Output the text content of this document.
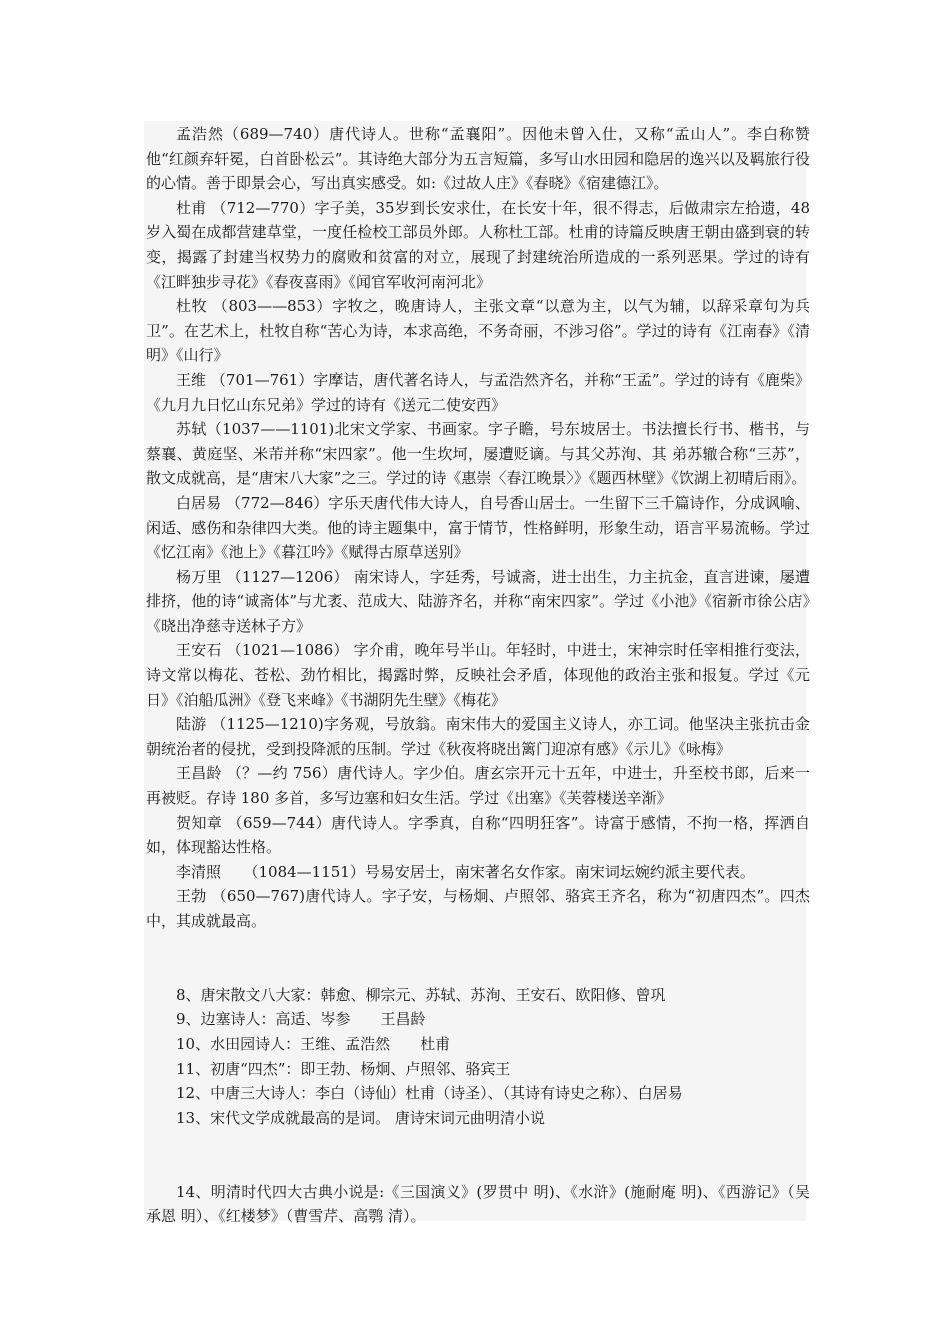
孟浩然（689—740）唐代诗人。世称“孟襄阳”。因他未曾入仕，又称“孟山人”。李白称赞他“红颜弃轩冕，白首卧松云”。其诗绝大部分为五言短篇，多写山水田园和隐居的逸兴以及羁旅行役的心情。善于即景会心，写出真实感受。如:《过故人庄》《春晓》《宿建德江》。

杜甫 （712—770）字子美，35岁到长安求仕，在长安十年，很不得志，后做肃宗左拾遗，48岁入蜀在成都营建草堂，一度任检校工部员外郎。人称杜工部。杜甫的诗篇反映唐王朝由盛到衰的转变，揭露了封建当权势力的腐败和贫富的对立，展现了封建统治所造成的一系列恶果。学过的诗有《江畔独步寻花》《春夜喜雨》《闻官军收河南河北》

杜牧 （803——853）字牧之，晚唐诗人，主张文章“以意为主，以气为辅，以辞采章句为兵卫”。在艺术上，杜牧自称“苦心为诗，本求高绝，不务奇丽，不涉习俗”。学过的诗有《江南春》《清明》《山行》

王维 （701—761）字摩诘，唐代著名诗人，与孟浩然齐名，并称“王孟”。学过的诗有《鹿柴》《九月九日忆山东兄弟》学过的诗有《送元二使安西》

苏轼（1037——1101)北宋文学家、书画家。字子瞻，号东坡居士。书法擅长行书、楷书，与蔡襄、黄庭坚、米芾并称“宋四家”。他一生坎坷，屡遭贬谪。与其父苏洵、其 弟苏辙合称“三苏”，散文成就高，是“唐宋八大家”之三。学过的诗《惠崇〈春江晚景〉》《题西林壁》《饮湖上初晴后雨》。

白居易 （772—846）字乐天唐代伟大诗人，自号香山居士。一生留下三千篇诗作，分成讽喻、闲适、感伤和杂律四大类。他的诗主题集中，富于情节，性格鲜明，形象生动，语言平易流畅。学过《忆江南》《池上》《暮江吟》《赋得古原草送别》

杨万里 （1127—1206） 南宋诗人，字廷秀，号诚斋，进士出生，力主抗金，直言进谏，屡遭排挤，他的诗“诚斋体”与尤袤、范成大、陆游齐名，并称“南宋四家”。学过《小池》《宿新市徐公店》《晓出净慈寺送林子方》

王安石 （1021—1086） 字介甫，晚年号半山。年轻时，中进士，宋神宗时任宰相推行变法，诗文常以梅花、苍松、劲竹相比，揭露时弊，反映社会矛盾，体现他的政治主张和报复。学过《元日》《泊船瓜洲》《登飞来峰》《书湖阴先生壁》《梅花》

陆游 （1125—1210)字务观，号放翁。南宋伟大的爱国主义诗人，亦工词。他坚决主张抗击金朝统治者的侵扰，受到投降派的压制。学过《秋夜将晓出篱门迎凉有感》《示儿》《咏梅》

王昌龄 （？—约 756）唐代诗人。字少伯。唐玄宗开元十五年，中进士，升至校书郎，后来一再被贬。存诗 180 多首，多写边塞和妇女生活。学过《出塞》《芙蓉楼送辛渐》

贺知章 （659—744）唐代诗人。字季真，自称“四明狂客”。诗富于感情，不拘一格，挥洒自如，体现豁达性格。

李清照　　（1084—1151）号易安居士，南宋著名女作家。南宋词坛婉约派主要代表。

王勃 （650—767)唐代诗人。字子安，与杨炯、卢照邻、骆宾王齐名，称为“初唐四杰”。四杰中，其成就最高。

8、唐宋散文八大家：韩愈、柳宗元、苏轼、苏洵、王安石、欧阳修、曾巩

9、边塞诗人：高适、岑参　　王昌龄

10、水田园诗人：王维、孟浩然　　杜甫

11、初唐“四杰”：即王勃、杨炯、卢照邻、骆宾王

12、中唐三大诗人：李白（诗仙）杜甫（诗圣）、（其诗有诗史之称）、白居易

13、宋代文学成就最高的是词。 唐诗宋词元曲明清小说

14、明清时代四大古典小说是:《三国演义》(罗贯中 明)、《水浒》(施耐庵 明)、《西游记》（吴承恩 明）、《红楼梦》（曹雪芹、高鹗 清）。
